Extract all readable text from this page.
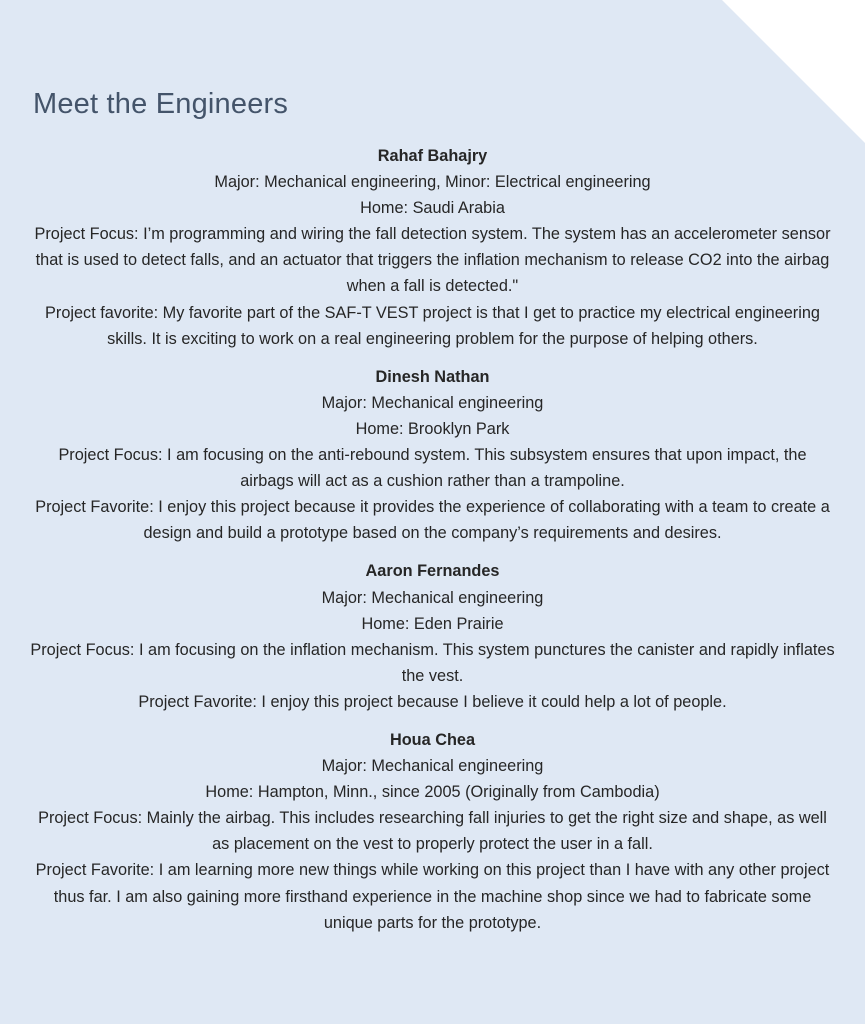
Meet the Engineers

Rahaf Bahajry

Major: Mechanical engineering, Minor: Electrical engineering

Home: Saudi Arabia

Project Focus: I’m programming and wiring the fall detection system. The system has an accelerometer sensor that is used to detect falls, and an actuator that triggers the inflation mechanism to release CO2 into the airbag when a fall is detected."

Project favorite: My favorite part of the SAF-T VEST project is that I get to practice my electrical engineering skills. It is exciting to work on a real engineering problem for the purpose of helping others.

Dinesh Nathan

Major: Mechanical engineering

Home: Brooklyn Park

Project Focus: I am focusing on the anti-rebound system. This subsystem ensures that upon impact, the airbags will act as a cushion rather than a trampoline.

Project Favorite: I enjoy this project because it provides the experience of collaborating with a team to create a design and build a prototype based on the company’s requirements and desires.

Aaron Fernandes

Major: Mechanical engineering

Home: Eden Prairie

Project Focus: I am focusing on the inflation mechanism. This system punctures the canister and rapidly inflates the vest.

Project Favorite: I enjoy this project because I believe it could help a lot of people.

Houa Chea

Major: Mechanical engineering

Home: Hampton, Minn., since 2005 (Originally from Cambodia)

Project Focus: Mainly the airbag. This includes researching fall injuries to get the right size and shape, as well as placement on the vest to properly protect the user in a fall.

Project Favorite: I am learning more new things while working on this project than I have with any other project thus far. I am also gaining more firsthand experience in the machine shop since we had to fabricate some unique parts for the prototype.
